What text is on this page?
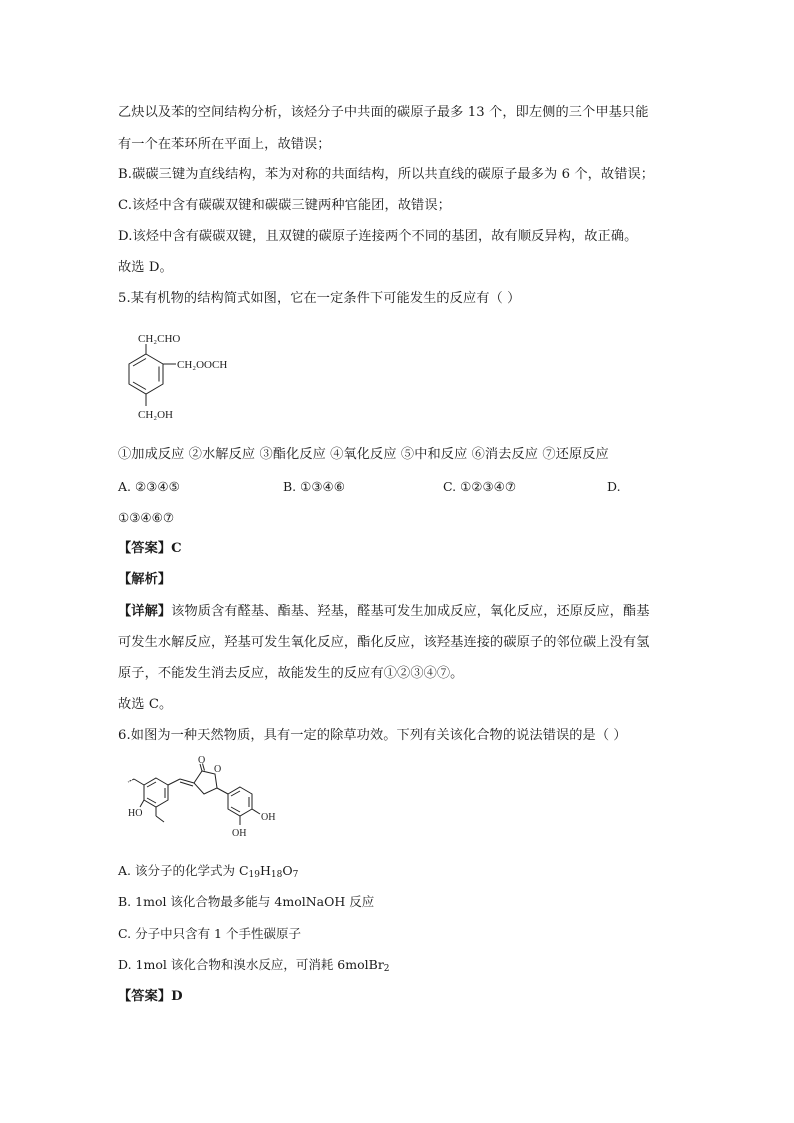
乙炔以及苯的空间结构分析，该烃分子中共面的碳原子最多 13 个，即左侧的三个甲基只能
有一个在苯环所在平面上，故错误；
B.碳碳三键为直线结构，苯为对称的共面结构，所以共直线的碳原子最多为 6 个，故错误；
C.该烃中含有碳碳双键和碳碳三键两种官能团，故错误；
D.该烃中含有碳碳双键，且双键的碳原子连接两个不同的基团，故有顺反异构，故正确。
故选 D。
5.某有机物的结构简式如图，它在一定条件下可能发生的反应有（ ）
CH₂CHO
CH₂OOCH
CH₂OH
①加成反应 ②水解反应 ③酯化反应 ④氧化反应 ⑤中和反应 ⑥消去反应 ⑦还原反应
A. ②③④⑤	B. ①③④⑥	C. ①②③④⑦	D.
①③④⑥⑦
【答案】C
【解析】
【详解】该物质含有醛基、酯基、羟基，醛基可发生加成反应，氧化反应，还原反应，酯基
可发生水解反应，羟基可发生氧化反应，酯化反应，该羟基连接的碳原子的邻位碳上没有氢
原子，不能发生消去反应，故能发生的反应有①②③④⑦。
故选 C。
6.如图为一种天然物质，具有一定的除草功效。下列有关该化合物的说法错误的是（ ）
O
O
HO	OH
OH
A. 该分子的化学式为 $C_{19}H_{18}O_7$
B. 1mol 该化合物最多能与 4molNaOH 反应
C. 分子中只含有 1 个手性碳原子
D. 1mol 该化合物和溴水反应，可消耗 6molBr$_2$
【答案】D
